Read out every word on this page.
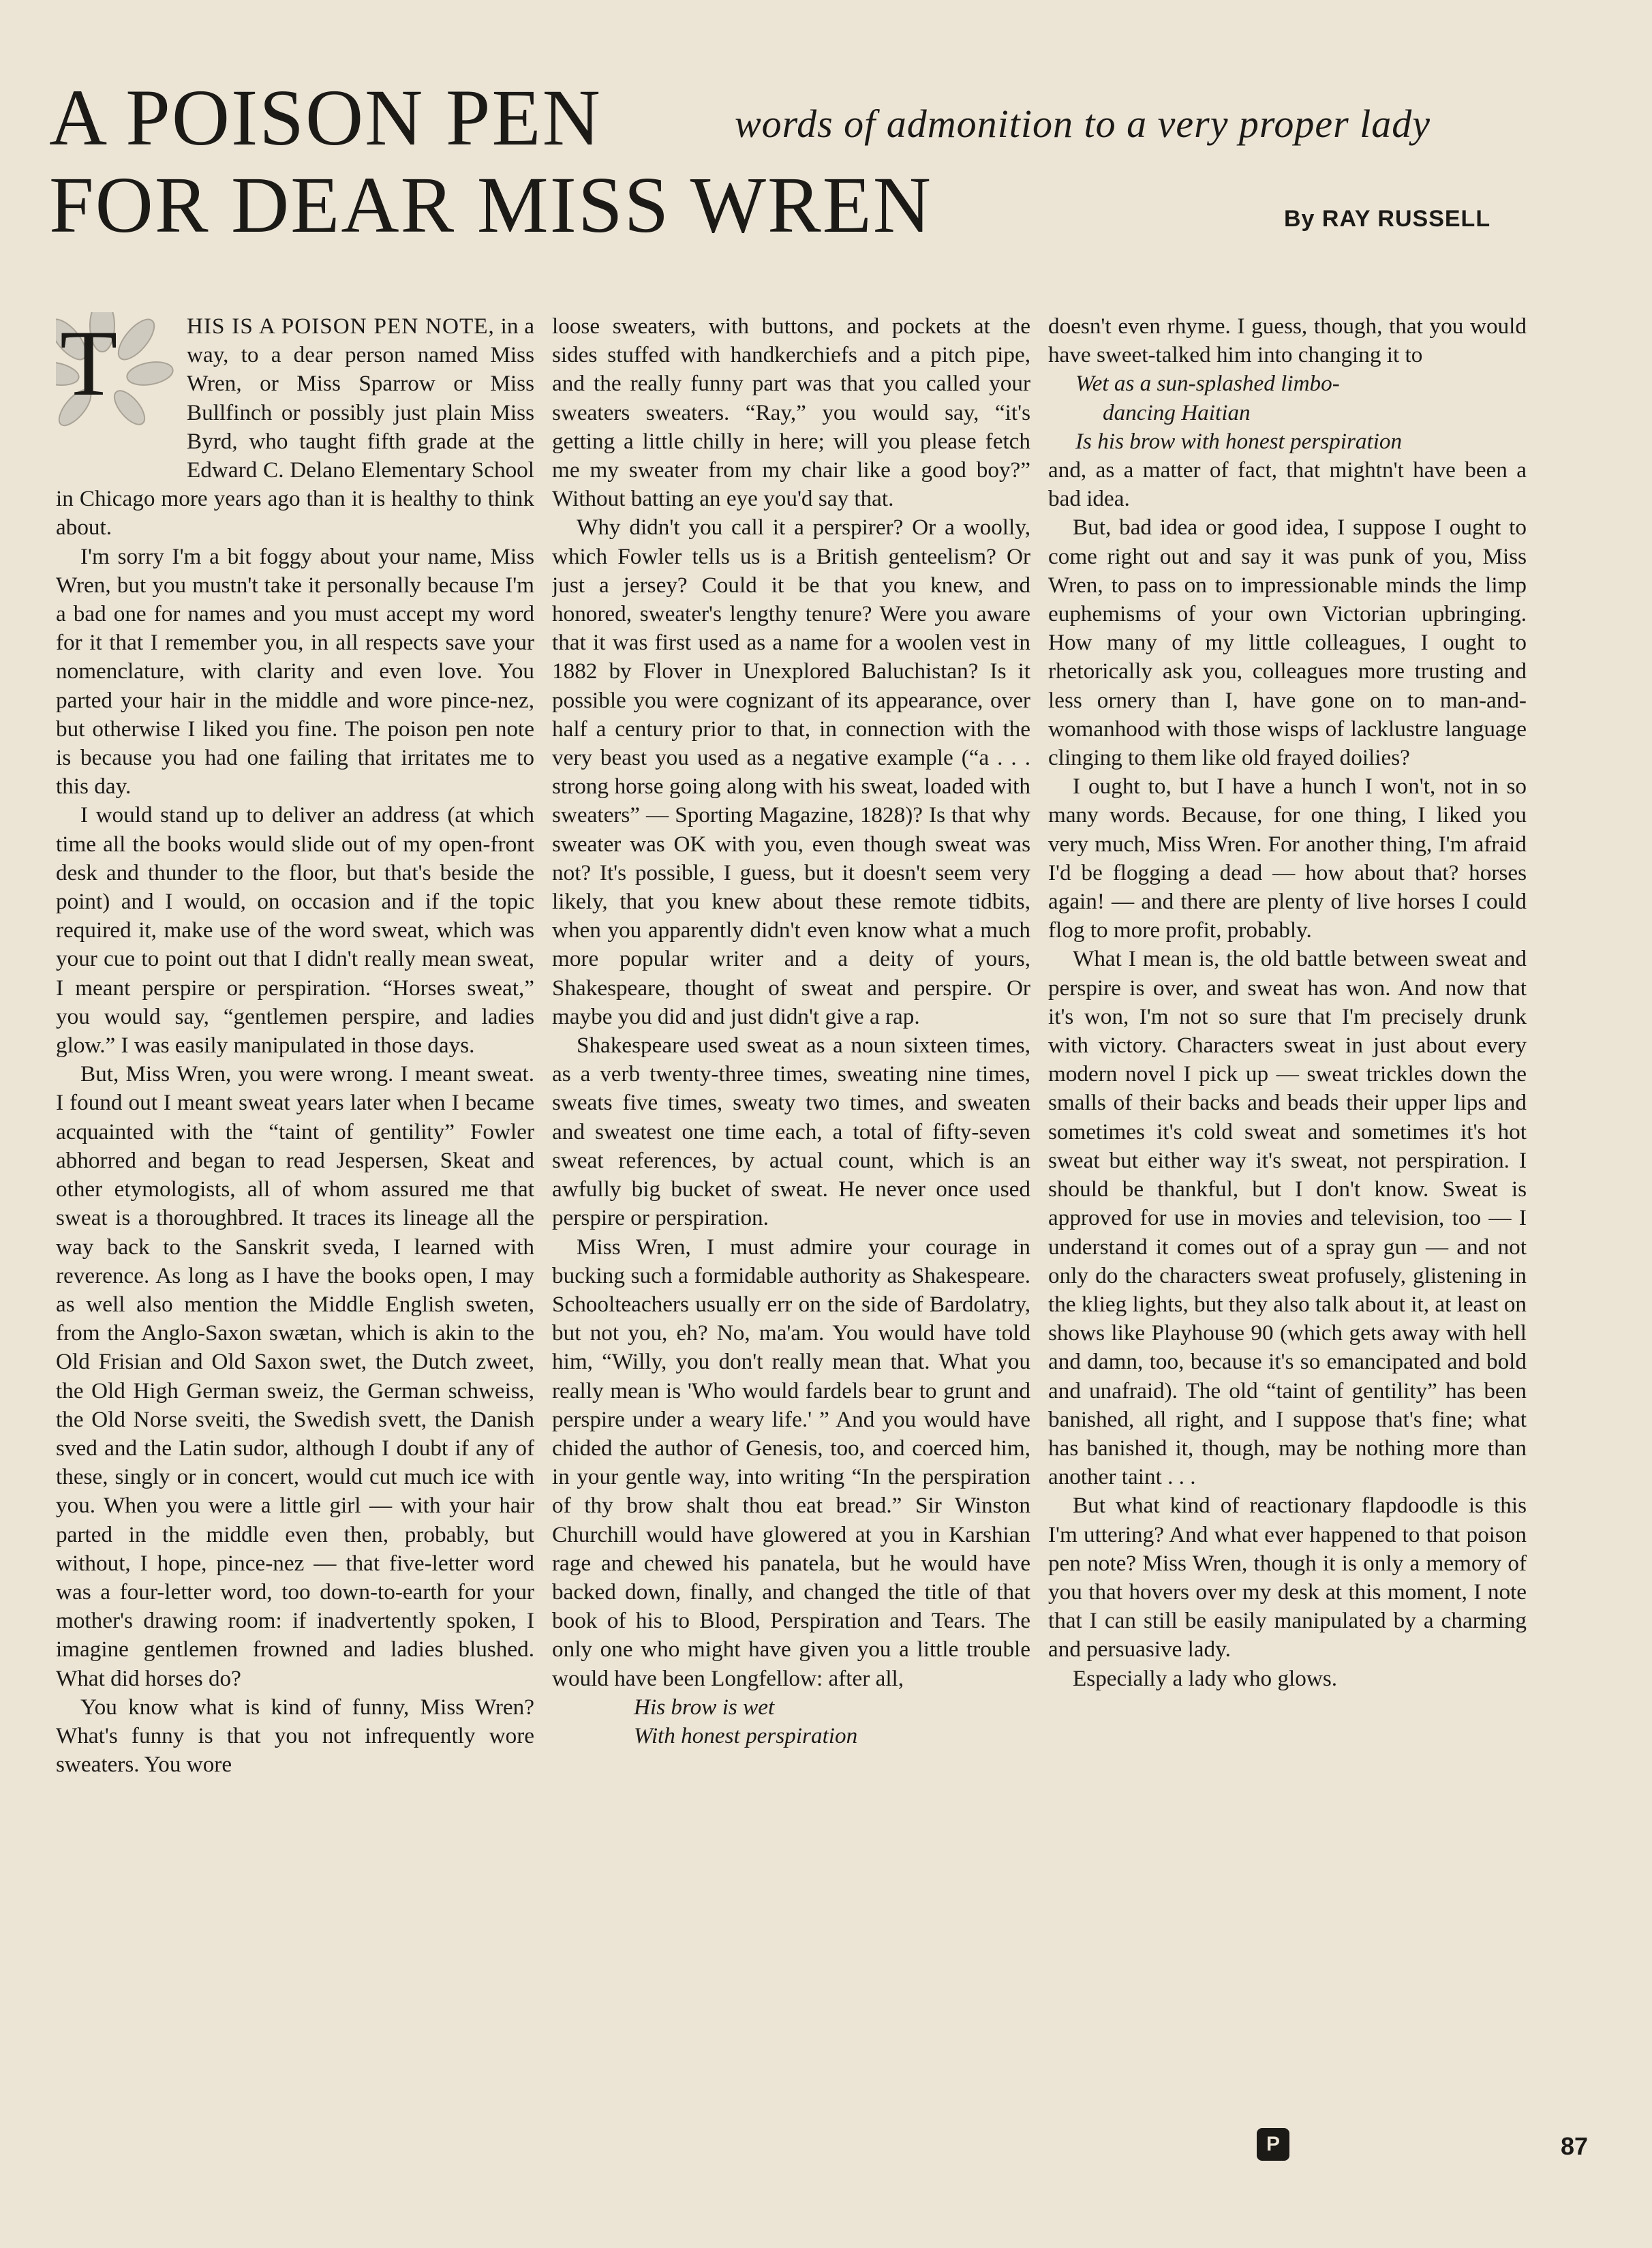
A POISON PEN
FOR DEAR MISS WREN
words of admonition to a very proper lady
By RAY RUSSELL

T	HIS IS A POISON PEN NOTE, in a way, to a dear person named Miss Wren, or Miss Sparrow or Miss Bullfinch or possibly just plain Miss Byrd, who taught fifth grade at the Edward C. Delano Elementary School in Chicago more years ago than it is healthy to think about.

I'm sorry I'm a bit foggy about your name, Miss Wren, but you mustn't take it personally because I'm a bad one for names and you must accept my word for it that I remember you, in all respects save your nomenclature, with clarity and even love. You parted your hair in the middle and wore pince-nez, but otherwise I liked you fine. The poison pen note is because you had one failing that irritates me to this day.

I would stand up to deliver an address (at which time all the books would slide out of my open-front desk and thunder to the floor, but that's beside the point) and I would, on occasion and if the topic required it, make use of the word sweat, which was your cue to point out that I didn't really mean sweat, I meant perspire or perspiration. “Horses sweat,” you would say, “gentlemen perspire, and ladies glow.” I was easily manipulated in those days.

But, Miss Wren, you were wrong. I meant sweat. I found out I meant sweat years later when I became acquainted with the “taint of gentility” Fowler abhorred and began to read Jespersen, Skeat and other etymologists, all of whom assured me that sweat is a thoroughbred. It traces its lineage all the way back to the Sanskrit sveda, I learned with reverence. As long as I have the books open, I may as well also mention the Middle English sweten, from the Anglo-Saxon swætan, which is akin to the Old Frisian and Old Saxon swet, the Dutch zweet, the Old High German sweiz, the German schweiss, the Old Norse sveiti, the Swedish svett, the Danish sved and the Latin sudor, although I doubt if any of these, singly or in concert, would cut much ice with you. When you were a little girl — with your hair parted in the middle even then, probably, but without, I hope, pince-nez — that five-letter word was a four-letter word, too down-to-earth for your mother's drawing room: if inadvertently spoken, I imagine gentlemen frowned and ladies blushed. What did horses do?

You know what is kind of funny, Miss Wren? What's funny is that you not infrequently wore sweaters. You wore

loose sweaters, with buttons, and pockets at the sides stuffed with handkerchiefs and a pitch pipe, and the really funny part was that you called your sweaters sweaters. “Ray,” you would say, “it's getting a little chilly in here; will you please fetch me my sweater from my chair like a good boy?” Without batting an eye you'd say that.

Why didn't you call it a perspirer? Or a woolly, which Fowler tells us is a British genteelism? Or just a jersey? Could it be that you knew, and honored, sweater's lengthy tenure? Were you aware that it was first used as a name for a woolen vest in 1882 by Flover in Unexplored Baluchistan? Is it possible you were cognizant of its appearance, over half a century prior to that, in connection with the very beast you used as a negative example (“a . . . strong horse going along with his sweat, loaded with sweaters” — Sporting Magazine, 1828)? Is that why sweater was OK with you, even though sweat was not? It's possible, I guess, but it doesn't seem very likely, that you knew about these remote tidbits, when you apparently didn't even know what a much more popular writer and a deity of yours, Shakespeare, thought of sweat and perspire. Or maybe you did and just didn't give a rap.

Shakespeare used sweat as a noun sixteen times, as a verb twenty-three times, sweating nine times, sweats five times, sweaty two times, and sweaten and sweatest one time each, a total of fifty-seven sweat references, by actual count, which is an awfully big bucket of sweat. He never once used perspire or perspiration.

Miss Wren, I must admire your courage in bucking such a formidable authority as Shakespeare. Schoolteachers usually err on the side of Bardolatry, but not you, eh? No, ma'am. You would have told him, “Willy, you don't really mean that. What you really mean is 'Who would fardels bear to grunt and perspire under a weary life.' ” And you would have chided the author of Genesis, too, and coerced him, in your gentle way, into writing “In the perspiration of thy brow shalt thou eat bread.” Sir Winston Churchill would have glowered at you in Karshian rage and chewed his panatela, but he would have backed down, finally, and changed the title of that book of his to Blood, Perspiration and Tears. The only one who might have given you a little trouble would have been Longfellow: after all,

His brow is wet

With honest perspiration

doesn't even rhyme. I guess, though, that you would have sweet-talked him into changing it to

Wet as a sun-splashed limbo-

dancing Haitian

Is his brow with honest perspiration

and, as a matter of fact, that mightn't have been a bad idea.

But, bad idea or good idea, I suppose I ought to come right out and say it was punk of you, Miss Wren, to pass on to impressionable minds the limp euphemisms of your own Victorian upbringing. How many of my little colleagues, I ought to rhetorically ask you, colleagues more trusting and less ornery than I, have gone on to man-and-womanhood with those wisps of lacklustre language clinging to them like old frayed doilies?

I ought to, but I have a hunch I won't, not in so many words. Because, for one thing, I liked you very much, Miss Wren. For another thing, I'm afraid I'd be flogging a dead — how about that? horses again! — and there are plenty of live horses I could flog to more profit, probably.

What I mean is, the old battle between sweat and perspire is over, and sweat has won. And now that it's won, I'm not so sure that I'm precisely drunk with victory. Characters sweat in just about every modern novel I pick up — sweat trickles down the smalls of their backs and beads their upper lips and sometimes it's cold sweat and sometimes it's hot sweat but either way it's sweat, not perspiration. I should be thankful, but I don't know. Sweat is approved for use in movies and television, too — I understand it comes out of a spray gun — and not only do the characters sweat profusely, glistening in the klieg lights, but they also talk about it, at least on shows like Playhouse 90 (which gets away with hell and damn, too, because it's so emancipated and bold and unafraid). The old “taint of gentility” has been banished, all right, and I suppose that's fine; what has banished it, though, may be nothing more than another taint . . .

But what kind of reactionary flapdoodle is this I'm uttering? And what ever happened to that poison pen note? Miss Wren, though it is only a memory of you that hovers over my desk at this moment, I note that I can still be easily manipulated by a charming and persuasive lady.

Especially a lady who glows.

P	87
